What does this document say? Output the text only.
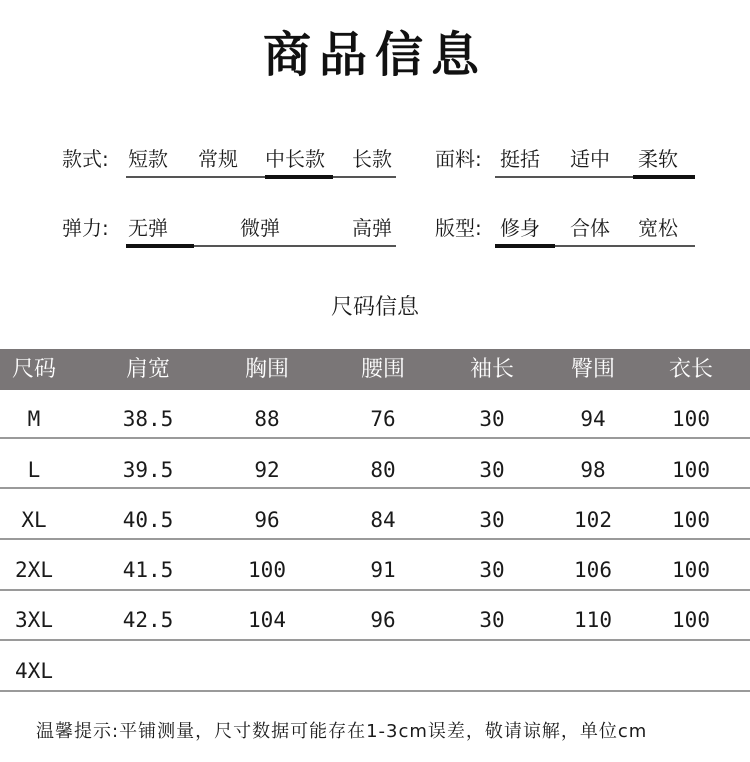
商品信息
款式: 短款 常规 中长款 长款 面料: 挺括 适中 柔软
弹力: 无弹	微弹	高弹 版型: 修身 合体 宽松
尺码信息
尺码	肩宽	胸围	腰围	袖长	臀围	衣长
M	38.5	88	76	30	94	100
L	39.5	92	80	30	98	100
XL	40.5	96	84	30	102	100
2XL	41.5	100	91	30	106	100
3XL	42.5	104	96	30	110	100
4XL
温馨提示:平铺测量，尺寸数据可能存在1-3cm误差，敬请谅解，单位cm
